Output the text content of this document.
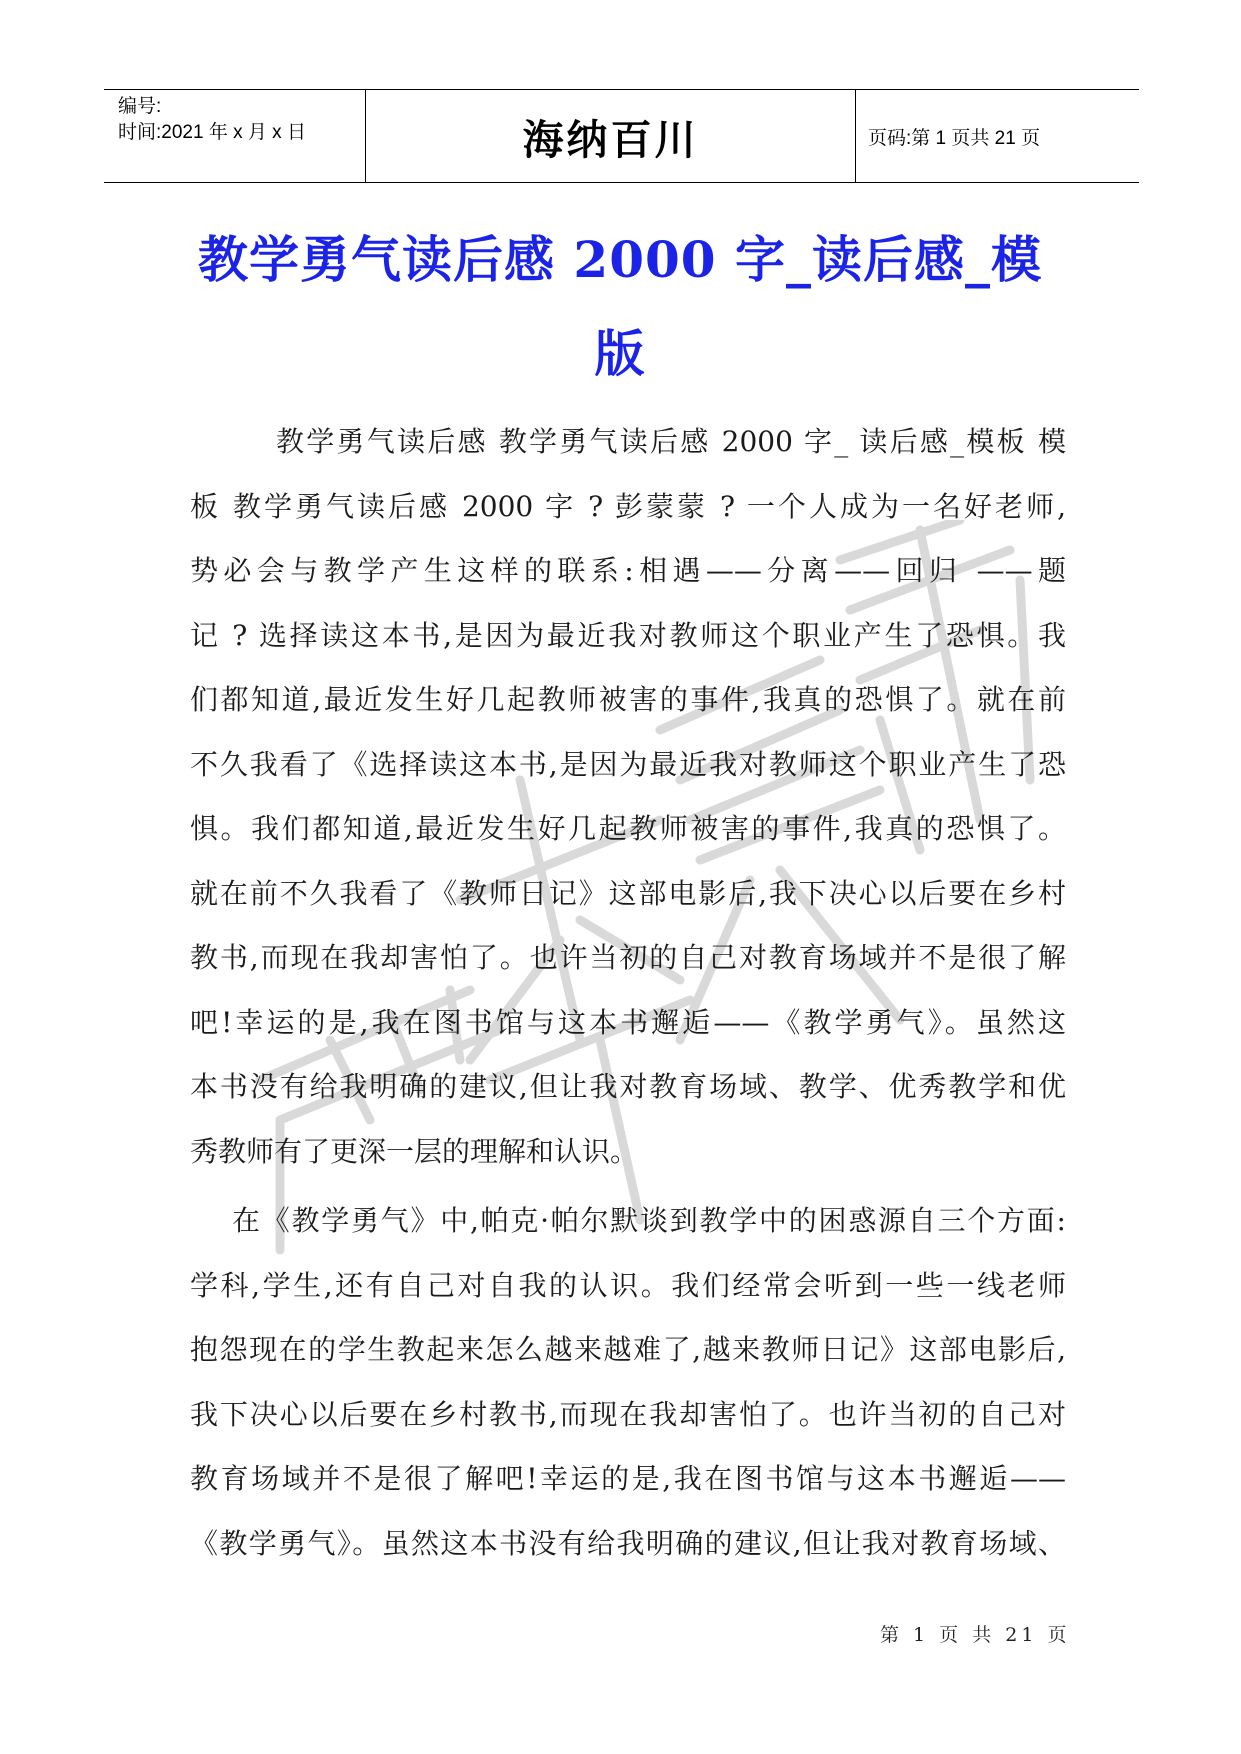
编号:
时间:2021 年 x 月 x 日	海纳百川	页码:第 1 页共 21 页
教学勇气读后感 2000 字_读后感_模
版
教学勇气读后感 教学勇气读后感 2000 字_ 读后感_模板 模
板 教学勇气读后感 2000 字 ? 彭蒙蒙 ? 一个人成为一名好老师,
势必会与教学产生这样的联系:相遇——分离——回归 ——题
记 ? 选择读这本书,是因为最近我对教师这个职业产生了恐惧。我
们都知道,最近发生好几起教师被害的事件,我真的恐惧了。就在前
不久我看了《选择读这本书,是因为最近我对教师这个职业产生了恐
惧。我们都知道,最近发生好几起教师被害的事件,我真的恐惧了。
就在前不久我看了《教师日记》这部电影后,我下决心以后要在乡村
教书,而现在我却害怕了。也许当初的自己对教育场域并不是很了解
吧!幸运的是,我在图书馆与这本书邂逅——《教学勇气》。虽然这
本书没有给我明确的建议,但让我对教育场域、教学、优秀教学和优
秀教师有了更深一层的理解和认识。
在《教学勇气》中,帕克·帕尔默谈到教学中的困惑源自三个方面:
学科,学生,还有自己对自我的认识。我们经常会听到一些一线老师
抱怨现在的学生教起来怎么越来越难了,越来教师日记》这部电影后,
我下决心以后要在乡村教书,而现在我却害怕了。也许当初的自己对
教育场域并不是很了解吧!幸运的是,我在图书馆与这本书邂逅——
《教学勇气》。虽然这本书没有给我明确的建议,但让我对教育场域、
第 1 页 共 21 页
